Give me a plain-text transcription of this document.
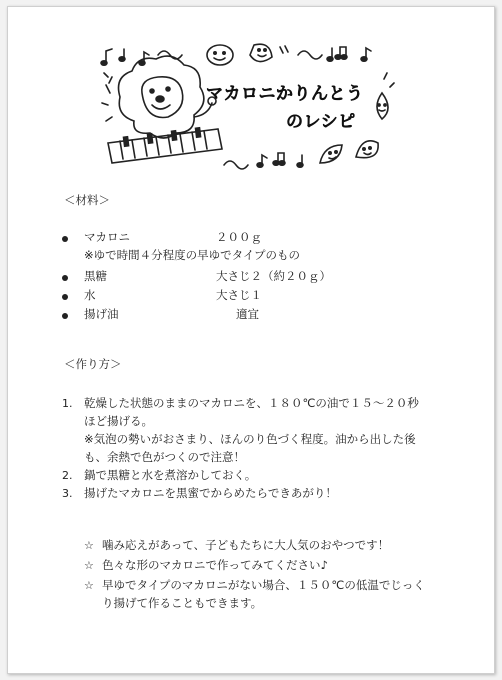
マカロニかりんとう
のレシピ
＜材料＞
マカロニ	２００ｇ
※ゆで時間４分程度の早ゆでタイプのもの
黒糖	大さじ２（約２０ｇ）
水	大さじ１
揚げ油	適宜
＜作り方＞
1. 乾燥した状態のままのマカロニを、１８０℃の油で１５～２０秒
ほど揚げる。
※気泡の勢いがおさまり、ほんのり色づく程度。油から出した後
も、余熱で色がつくので注意！
2. 鍋で黒糖と水を煮溶かしておく。
3. 揚げたマカロニを黒蜜でからめたらできあがり！
☆ 噛み応えがあって、子どもたちに大人気のおやつです！
☆ 色々な形のマカロニで作ってみてください♪
☆ 早ゆでタイプのマカロニがない場合、１５０℃の低温でじっく
り揚げて作ることもできます。
